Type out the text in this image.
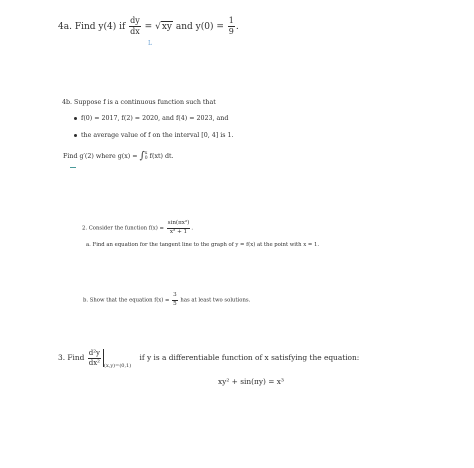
4a. Find y(4) if $\frac{dy}{dx} = √xy$ and $y(0) = \frac{1}{9}$ .
L
4b. Suppose f is a continuous function such that
f(0) = 2017, f(2) = 2020, and f(4) = 2023, and
the average value of f on the interval [0, 4] is 1.
Find g′(2) where g(x) = ∫ x
0 f(xt) dt.
2. Consider the function $f(x) = \frac{\text{sin(πx²)}}{\text{x² + 1}}$ .
a. Find an equation for the tangent line to the graph of y = f(x) at the point with x = 1.
b. Show that the equation $f(x) = \frac{3}{5}$ has at least two solutions.
3. Find $\frac{\text{d²y}}{\text{dx²}} _{(x,y)=(0,1)}$ if y is a differentiable function of x satisfying the equation:
xy² + sin(πy) = x³
